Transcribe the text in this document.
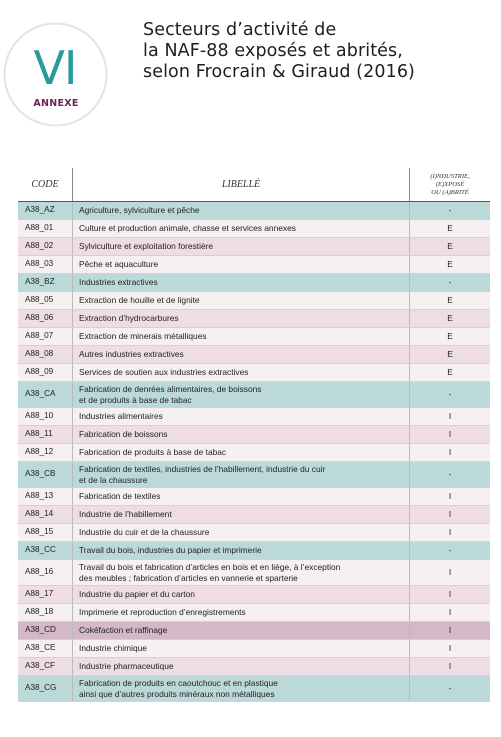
VI
ANNEXE
Secteurs d’activité de
la NAF-88 exposés et abrités,
selon Frocrain & Giraud (2016)
CODE	LIBELLÉ	(I)NDUSTRIE,
(E)XPOSÉ
OU (A)BRITÉ

A38_AZ	Agriculture, sylviculture et pêche	-
A88_01	Culture et production animale, chasse et services annexes	E
A88_02	Sylviculture et exploitation forestière	E
A88_03	Pêche et aquaculture	E
A38_BZ	Industries extractives	-
A88_05	Extraction de houille et de lignite	E
A88_06	Extraction d’hydrocarbures	E
A88_07	Extraction de minerais métalliques	E
A88_08	Autres industries extractives	E
A88_09	Services de soutien aux industries extractives	E
A38_CA	Fabrication de denrées alimentaires, de boissons
et de produits à base de tabac	-
A88_10	Industries alimentaires	I
A88_11	Fabrication de boissons	I
A88_12	Fabrication de produits à base de tabac	I
A38_CB	Fabrication de textiles, industries de l’habillement, industrie du cuir
et de la chaussure	-
A88_13	Fabrication de textiles	I
A88_14	Industrie de l’habillement	I
A88_15	Industrie du cuir et de la chaussure	I
A38_CC	Travail du bois, industries du papier et imprimerie	-
A88_16	Travail du bois et fabrication d’articles en bois et en liège, à l’exception
des meubles ; fabrication d’articles en vannerie et sparterie	I
A88_17	Industrie du papier et du carton	I
A88_18	Imprimerie et reproduction d’enregistrements	I
A38_CD	Cokéfaction et raffinage	I
A38_CE	Industrie chimique	I
A38_CF	Industrie pharmaceutique	I
A38_CG	Fabrication de produits en caoutchouc et en plastique
ainsi que d’autres produits minéraux non métalliques	-
